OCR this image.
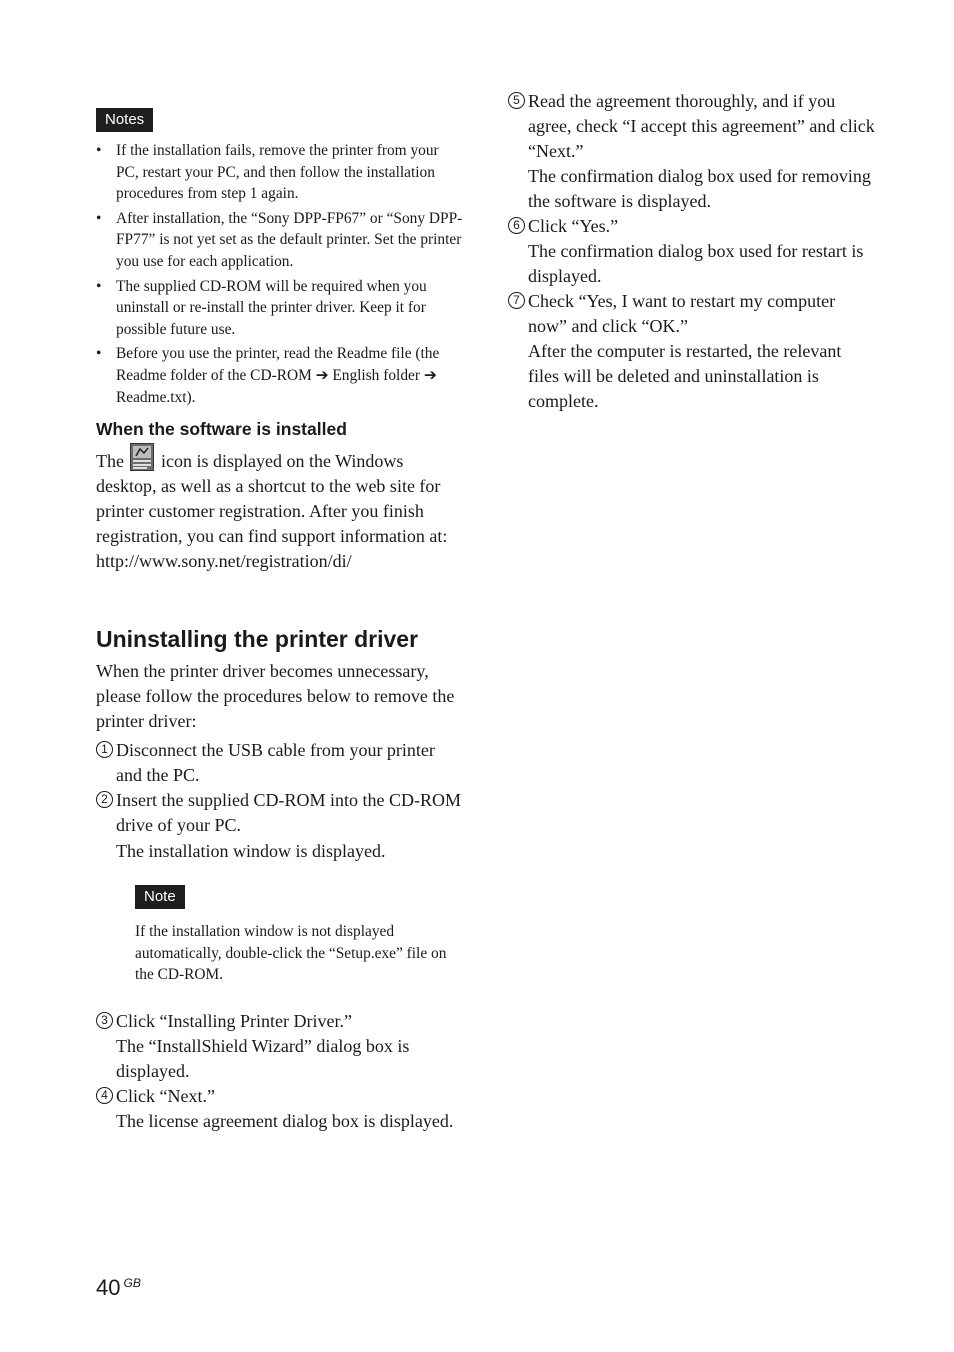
Notes
• If the installation fails, remove the printer from your PC, restart your PC, and then follow the installation procedures from step 1 again.
• After installation, the “Sony DPP-FP67” or “Sony DPP-FP77” is not yet set as the default printer. Set the printer you use for each application.
• The supplied CD-ROM will be required when you uninstall or re-install the printer driver. Keep it for possible future use.
• Before you use the printer, read the Readme file (the Readme folder of the CD-ROM ➔ English folder ➔ Readme.txt).
When the software is installed

The icon is displayed on the Windows desktop, as well as a shortcut to the web site for printer customer registration. After you finish registration, you can find support information at: http://www.sony.net/registration/di/

Uninstalling the printer driver

When the printer driver becomes unnecessary, please follow the procedures below to remove the printer driver:

1 Disconnect the USB cable from your printer and the PC.
2 Insert the supplied CD-ROM into the CD-ROM drive of your PC.
The installation window is displayed.
Note
If the installation window is not displayed automatically, double-click the “Setup.exe” file on the CD-ROM.
3 Click “Installing Printer Driver.”
The “InstallShield Wizard” dialog box is displayed.
4 Click “Next.”
The license agreement dialog box is displayed.
5 Read the agreement thoroughly, and if you agree, check “I accept this agreement” and click “Next.”
The confirmation dialog box used for removing the software is displayed.
6 Click “Yes.”
The confirmation dialog box used for restart is displayed.
7 Check “Yes, I want to restart my computer now” and click “OK.”
After the computer is restarted, the relevant files will be deleted and uninstallation is complete.
40 $^{GB}$
